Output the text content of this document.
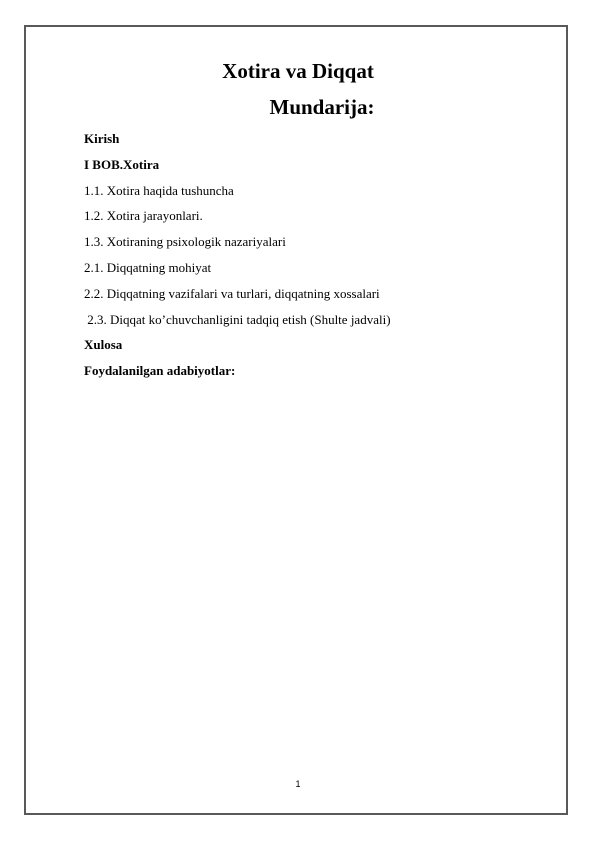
Xotira va Diqqat
Mundarija:
Kirish
I BOB.Xotira
1.1. Xotira haqida tushuncha
1.2. Xotira jarayonlari.
1.3. Xotiraning psixologik nazariyalari
2.1. Diqqatning mohiyat
2.2. Diqqatning vazifalari va turlari, diqqatning xossalari
2.3. Diqqat ko’chuvchanligini tadqiq etish (Shulte jadvali)
Xulosa
Foydalanilgan adabiyotlar:
1
